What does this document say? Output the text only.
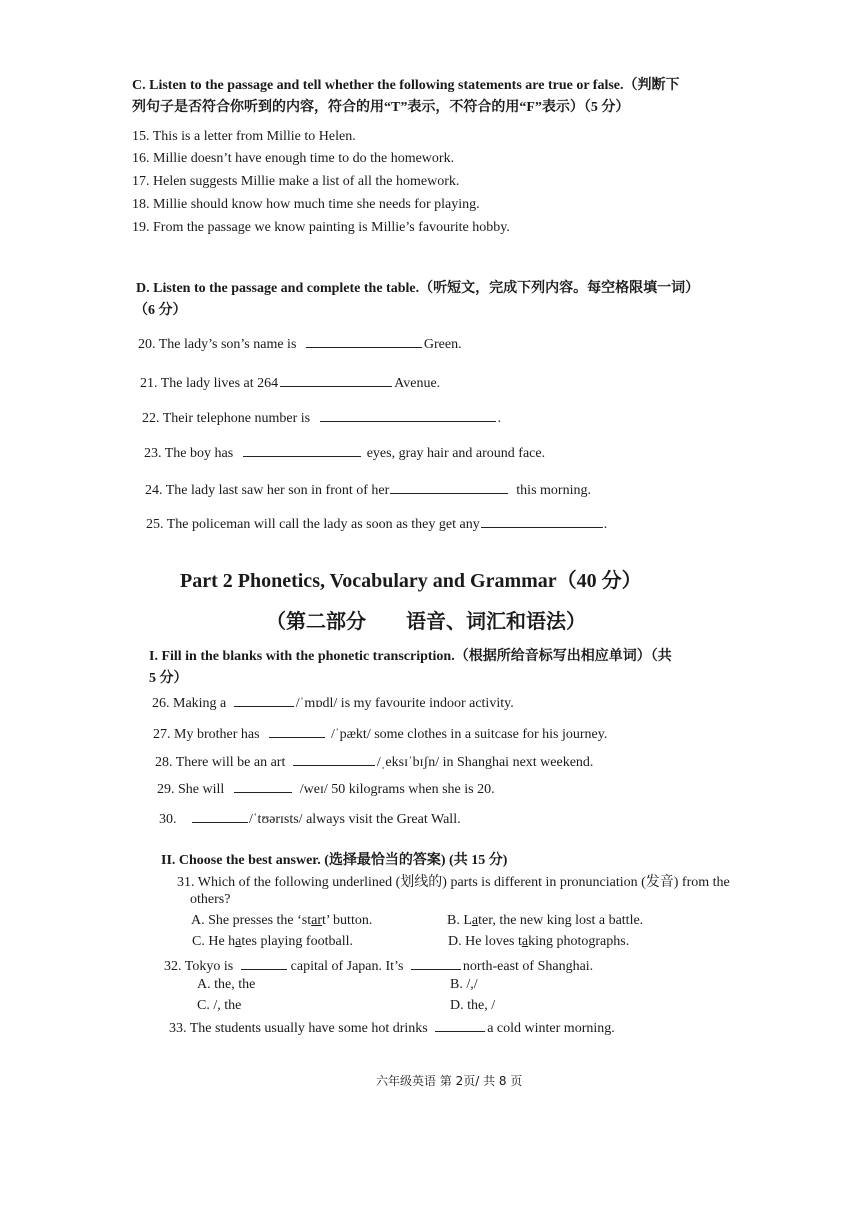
C. Listen to the passage and tell whether the following statements are true or false.（判断下
列句子是否符合你听到的内容，符合的用“T”表示，不符合的用“F”表示）（5 分）
15. This is a letter from Millie to Helen.
16. Millie doesn’t have enough time to do the homework.
17. Helen suggests Millie make a list of all the homework.
18. Millie should know how much time she needs for playing.
19. From the passage we know painting is Millie’s favourite hobby.
D. Listen to the passage and complete the table.（听短文，完成下列内容。每空格限填一词）
（6 分）
20. The lady’s son’s name is	Green.
21. The lady lives at 264	Avenue.
22. Their telephone number is	.
23. The boy has	eyes, gray hair and around face.
24. The lady last saw her son in front of her	this morning.
25. The policeman will call the lady as soon as they get any	.
Part 2 Phonetics, Vocabulary and Grammar（40 分）
（第二部分　　语音、词汇和语法）
I. Fill in the blanks with the phonetic transcription.（根据所给音标写出相应单词）（共
5 分）
26. Making a	/ˈmɒdl/ is my favourite indoor activity.
27. My brother has	/ˈpækt/ some clothes in a suitcase for his journey.
28. There will be an art	/ˌeksɪˈbɪʃn/ in Shanghai next weekend.
29. She will	/weɪ/ 50 kilograms when she is 20.
30.	/ˈtʊərɪsts/ always visit the Great Wall.
II. Choose the best answer. (选择最恰当的答案) (共 15 分)
31. Which of the following underlined (划线的) parts is different in pronunciation (发音) from the
others?
A. She presses the ‘start’ button.	B. Later, the new king lost a battle.
C. He hates playing football.	D. He loves taking photographs.
32. Tokyo is	capital of Japan. It’s	north-east of Shanghai.
A. the, the	B. /,/
C. /, the	D. the, /
33. The students usually have some hot drinks	a cold winter morning.
六年级英语 第 2页/ 共 8 页
